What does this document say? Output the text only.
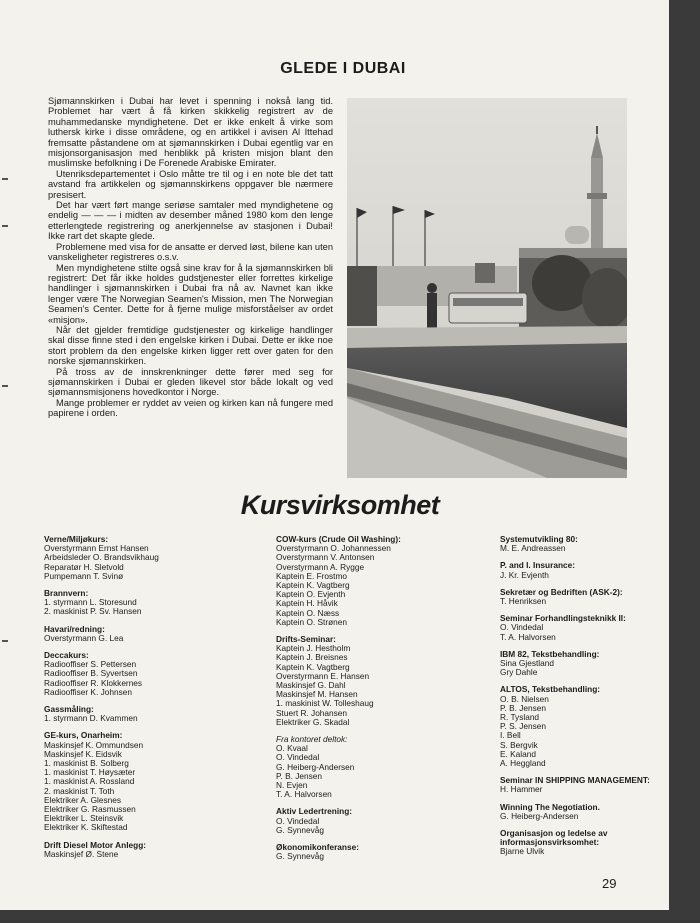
GLEDE I DUBAI

Sjømannskirken i Dubai har levet i spenning i nokså lang tid. Problemet har vært å få kirken skikkelig registrert av de muhammedanske myndighetene. Det er ikke enkelt å virke som luthersk kirke i disse områdene, og en artikkel i avisen Al Ittehad fremsatte påstandene om at sjømannskirken i Dubai egentlig var en misjonsorganisasjon med henblikk på kristen misjon blant den muslimske befolkning i De Forenede Arabiske Emirater.

Utenriksdepartementet i Oslo måtte tre til og i en note ble det tatt avstand fra artikkelen og sjømannskirkens oppgaver ble nærmere presisert.

Det har vært ført mange seriøse samtaler med myndighetene og endelig — — — i midten av desember måned 1980 kom den lenge etterlengtede registrering og anerkjennelse av stasjonen i Dubai! Ikke rart det skapte glede.

Problemene med visa for de ansatte er derved løst, bilene kan uten vanskeligheter registreres o.s.v.

Men myndighetene stilte også sine krav for å la sjømannskirken bli registrert: Det får ikke holdes gudstjenester eller forrettes kirkelige handlinger i sjømannskirken i Dubai fra nå av. Navnet kan ikke lenger være The Norwegian Seamen's Mission, men The Norwegian Seamen's Center. Dette for å fjerne mulige misforståelser av ordet «misjon».

Når det gjelder fremtidige gudstjenester og kirkelige handlinger skal disse finne sted i den engelske kirken i Dubai. Dette er ikke noe stort problem da den engelske kirken ligger rett over gaten for den norske sjømannskirken.

På tross av de innskrenkninger dette fører med seg for sjømannskirken i Dubai er gleden likevel stor både lokalt og ved sjømannsmisjonens hovedkontor i Norge.

Mange problemer er ryddet av veien og kirken kan nå fungere med papirene i orden.

Kursvirksomhet
Verne/Miljøkurs:
Overstyrmann Ernst Hansen
Arbeidsleder O. Brandsvikhaug
Reparatør H. Sletvold
Pumpemann T. Svinø
Brannvern:
1. styrmann L. Storesund
2. maskinist P. Sv. Hansen
Havari/redning:
Overstyrmann G. Lea
Deccakurs:
Radiooffiser S. Pettersen
Radiooffiser B. Syvertsen
Radiooffiser R. Klokkernes
Radiooffiser K. Johnsen
Gassmåling:
1. styrmann D. Kvammen
GE-kurs, Onarheim:
Maskinsjef K. Ommundsen
Maskinsjef K. Eidsvik
1. maskinist B. Solberg
1. maskinist T. Høysæter
1. maskinist A. Rossland
2. maskinist T. Toth
Elektriker A. Glesnes
Elektriker G. Rasmussen
Elektriker L. Steinsvik
Elektriker K. Skiftestad
Drift Diesel Motor Anlegg:
Maskinsjef Ø. Stene
COW-kurs (Crude Oil Washing):
Overstyrmann O. Johannessen
Overstyrmann V. Antonsen
Overstyrmann A. Rygge
Kaptein E. Frostmo
Kaptein K. Vagtberg
Kaptein O. Evjenth
Kaptein H. Håvik
Kaptein O. Næss
Kaptein O. Strønen
Drifts-Seminar:
Kaptein J. Hestholm
Kaptein J. Breisnes
Kaptein K. Vagtberg
Overstyrmann E. Hansen
Maskinsjef G. Dahl
Maskinsjef M. Hansen
1. maskinist W. Tolleshaug
Stuert R. Johansen
Elektriker G. Skadal
Fra kontoret deltok:
O. Kvaal
O. Vindedal
G. Heiberg-Andersen
P. B. Jensen
N. Evjen
T. A. Halvorsen
Aktiv Ledertrening:
O. Vindedal
G. Synnevåg
Økonomikonferanse:
G. Synnevåg
Systemutvikling 80:
M. E. Andreassen
P. and I. Insurance:
J. Kr. Evjenth
Sekretær og Bedriften (ASK-2):
T. Henriksen
Seminar Forhandlingsteknikk II:
O. Vindedal
T. A. Halvorsen
IBM 82, Tekstbehandling:
Sina Gjestland
Gry Dahle
ALTOS, Tekstbehandling:
O. B. Nielsen
P. B. Jensen
R. Tysland
P. S. Jensen
I. Bell
S. Bergvik
E. Kaland
A. Heggland
Seminar IN SHIPPING MANAGEMENT:
H. Hammer
Winning The Negotiation.
G. Heiberg-Andersen
Organisasjon og ledelse av informasjonsvirksomhet:
Bjarne Ulvik
29
